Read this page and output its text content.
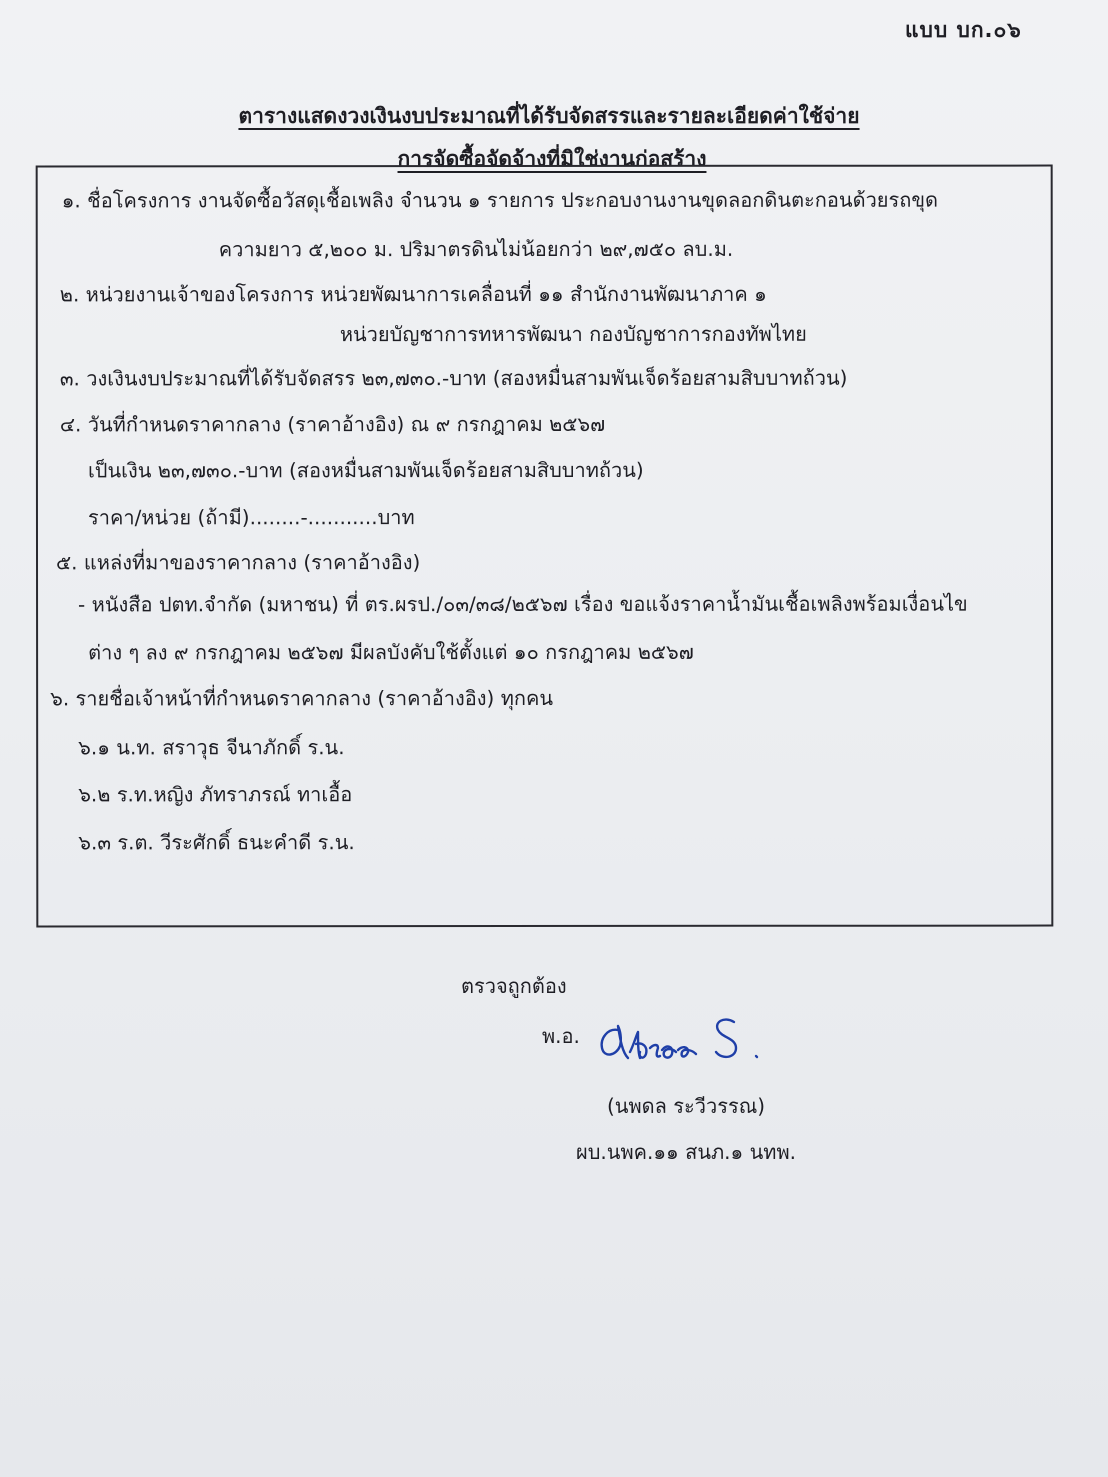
แบบ บก.๐๖
ตารางแสดงวงเงินงบประมาณที่ได้รับจัดสรรและรายละเอียดค่าใช้จ่าย
การจัดซื้อจัดจ้างที่มิใช่งานก่อสร้าง
๑. ชื่อโครงการ งานจัดซื้อวัสดุเชื้อเพลิง จำนวน ๑ รายการ ประกอบงานงานขุดลอกดินตะกอนด้วยรถขุด
ความยาว ๕,๒๐๐ ม. ปริมาตรดินไม่น้อยกว่า ๒๙,๗๕๐ ลบ.ม.
๒. หน่วยงานเจ้าของโครงการ หน่วยพัฒนาการเคลื่อนที่ ๑๑ สำนักงานพัฒนาภาค ๑
หน่วยบัญชาการทหารพัฒนา กองบัญชาการกองทัพไทย
๓. วงเงินงบประมาณที่ได้รับจัดสรร ๒๓,๗๓๐.-บาท (สองหมื่นสามพันเจ็ดร้อยสามสิบบาทถ้วน)
๔. วันที่กำหนดราคากลาง (ราคาอ้างอิง) ณ ๙ กรกฎาคม ๒๕๖๗
เป็นเงิน ๒๓,๗๓๐.-บาท (สองหมื่นสามพันเจ็ดร้อยสามสิบบาทถ้วน)
ราคา/หน่วย (ถ้ามี)........-...........บาท
๕. แหล่งที่มาของราคากลาง (ราคาอ้างอิง)
- หนังสือ ปตท.จำกัด (มหาชน) ที่ ตร.ผรป./๐๓/๓๘/๒๕๖๗ เรื่อง ขอแจ้งราคาน้ำมันเชื้อเพลิงพร้อมเงื่อนไข
ต่าง ๆ ลง ๙ กรกฎาคม ๒๕๖๗ มีผลบังคับใช้ตั้งแต่ ๑๐ กรกฎาคม ๒๕๖๗
๖. รายชื่อเจ้าหน้าที่กำหนดราคากลาง (ราคาอ้างอิง) ทุกคน
๖.๑ น.ท. สราวุธ จีนาภักดิ์ ร.น.
๖.๒ ร.ท.หญิง ภัทราภรณ์ ทาเอื้อ
๖.๓ ร.ต. วีระศักดิ์ ธนะคำดี ร.น.
ตรวจถูกต้อง
พ.อ.
(นพดล ระวีวรรณ)
ผบ.นพค.๑๑ สนภ.๑ นทพ.
